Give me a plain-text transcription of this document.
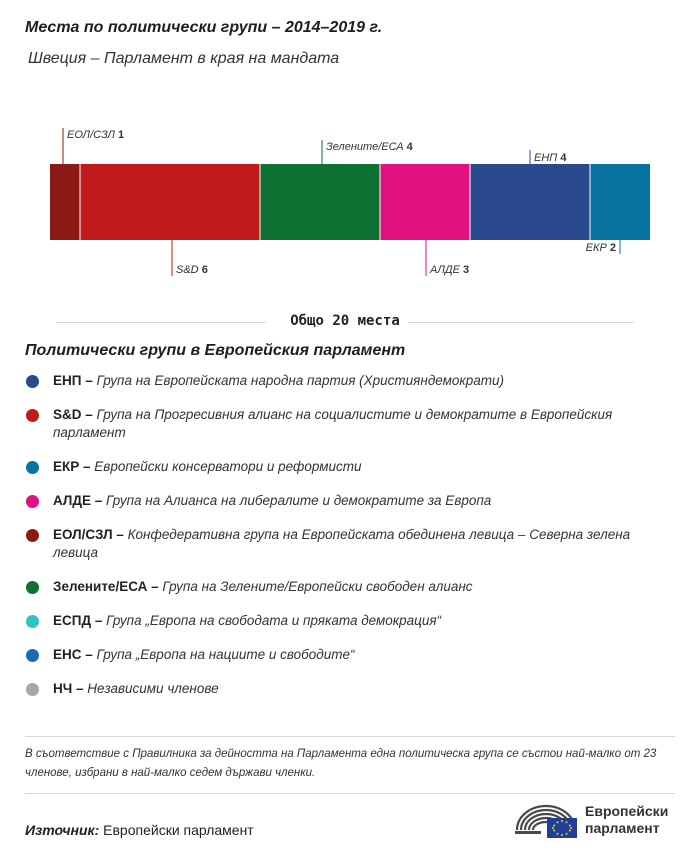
Места по политически групи – 2014–2019 г.
Швеция – Парламент в края на мандата
ЕОЛ/СЗЛ 1
S&D 6
Зелените/ЕСА 4
АЛДЕ 3
ЕНП 4
ЕКР 2
Общо 20 места
Политически групи в Европейския парламент
ЕНП – Група на Европейската народна партия (Християндемократи)
S&D – Група на Прогресивния алианс на социалистите и демократите в Европейския парламент
ЕКР – Европейски консерватори и реформисти
АЛДЕ – Група на Алианса на либералите и демократите за Европа
ЕОЛ/СЗЛ – Конфедеративна група на Европейската обединена левица – Северна зелена левица
Зелените/ЕСА – Група на Зелените/Европейски свободен алианс
ЕСПД – Група „Европа на свободата и пряката демокрация“
ЕНС – Група „Европа на нациите и свободите“
НЧ – Независими членове
В съответствие с Правилника за дейността на Парламента една политическа група се състои най-малко от 23 членове, избрани в най-малко седем държави членки.
Източник: Европейски парламент
Европейски
парламент
